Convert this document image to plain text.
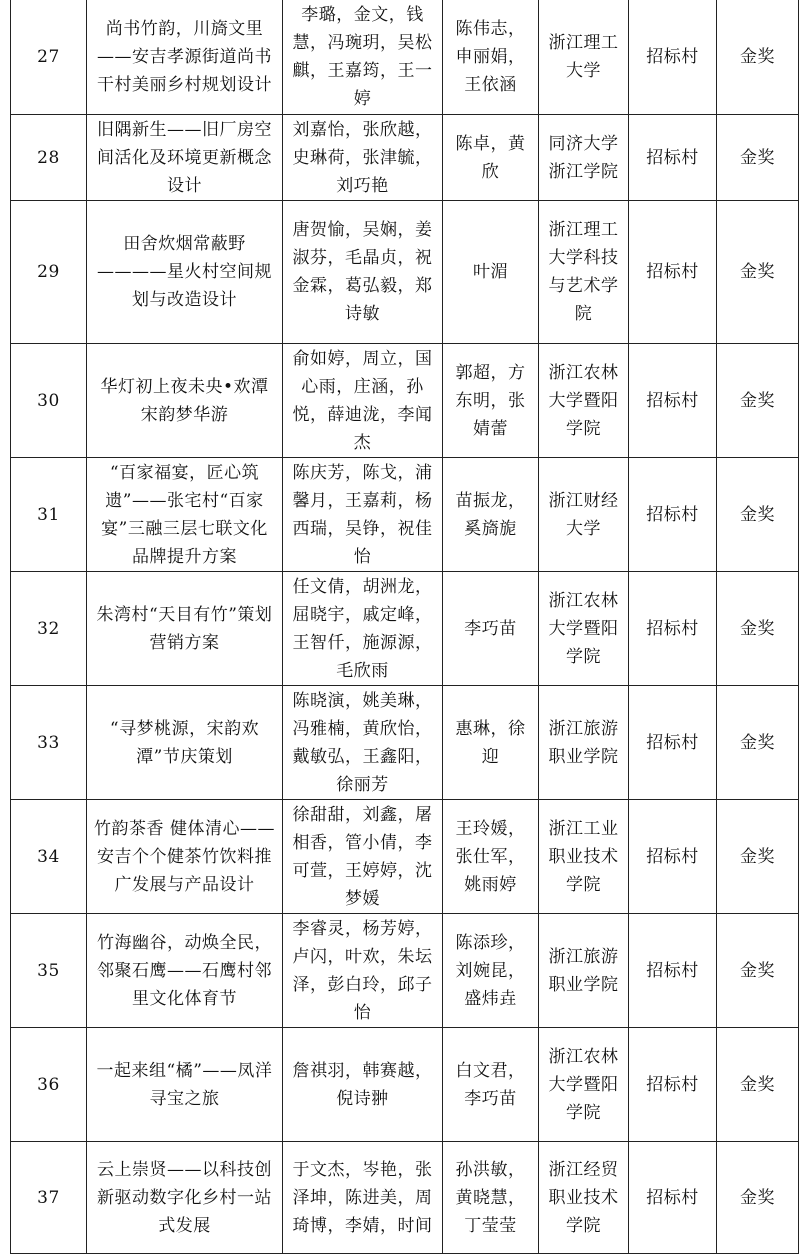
27	尚书竹韵，川旖文里——安吉孝源街道尚书干村美丽乡村规划设计	李璐，金文，钱慧，冯琬玥，吴松麒，王嘉筠，王一婷	陈伟志，申丽娟，王依涵	浙江理工大学	招标村	金奖
28	旧隅新生——旧厂房空间活化及环境更新概念设计	刘嘉怡，张欣越，史琳荷，张津毓，刘巧艳	陈卓，黄欣	同济大学浙江学院	招标村	金奖
29	田舍炊烟常蔽野————星火村空间规划与改造设计	唐贺愉，吴娴，姜淑芬，毛晶贞，祝金霖，葛弘毅，郑诗敏	叶湄	浙江理工大学科技与艺术学院	招标村	金奖
30	华灯初上夜未央•欢潭宋韵梦华游	俞如婷，周立，国心雨，庄涵，孙悦，薛迪泷，李闻杰	郭超，方东明，张婧蕾	浙江农林大学暨阳学院	招标村	金奖
31	“百家福宴，匠心筑遗”——张宅村“百家宴”三融三层七联文化品牌提升方案	陈庆芳，陈戈，浦馨月，王嘉莉，杨西瑞，吴铮，祝佳怡	苗振龙，奚旖旎	浙江财经大学	招标村	金奖
32	朱湾村“天目有竹”策划营销方案	任文倩，胡洲龙，屈晓宇，戚定峰，王智仟，施源源，毛欣雨	李巧苗	浙江农林大学暨阳学院	招标村	金奖
33	“寻梦桃源，宋韵欢潭”节庆策划	陈晓演，姚美琳，冯雅楠，黄欣怡，戴敏弘，王鑫阳，徐丽芳	惠琳，徐迎	浙江旅游职业学院	招标村	金奖
34	竹韵茶香 健体清心——安吉个个健茶竹饮料推广发展与产品设计	徐甜甜，刘鑫，屠相香，管小倩，李可萱，王婷婷，沈梦媛	王玲媛，张仕军，姚雨婷	浙江工业职业技术学院	招标村	金奖
35	竹海幽谷，动焕全民，邻聚石鹰——石鹰村邻里文化体育节	李睿灵，杨芳婷，卢闪，叶欢，朱坛泽，彭白玲，邱子怡	陈添珍，刘婉昆，盛炜垚	浙江旅游职业学院	招标村	金奖
36	一起来组“橘”——凤洋寻宝之旅	詹祺羽，韩赛越，倪诗翀	白文君，李巧苗	浙江农林大学暨阳学院	招标村	金奖
37	云上崇贤——以科技创新驱动数字化乡村一站式发展	于文杰，岑艳，张泽坤，陈进美，周琦博，李婧，时间	孙洪敏，黄晓慧，丁莹莹	浙江经贸职业技术学院	招标村	金奖
